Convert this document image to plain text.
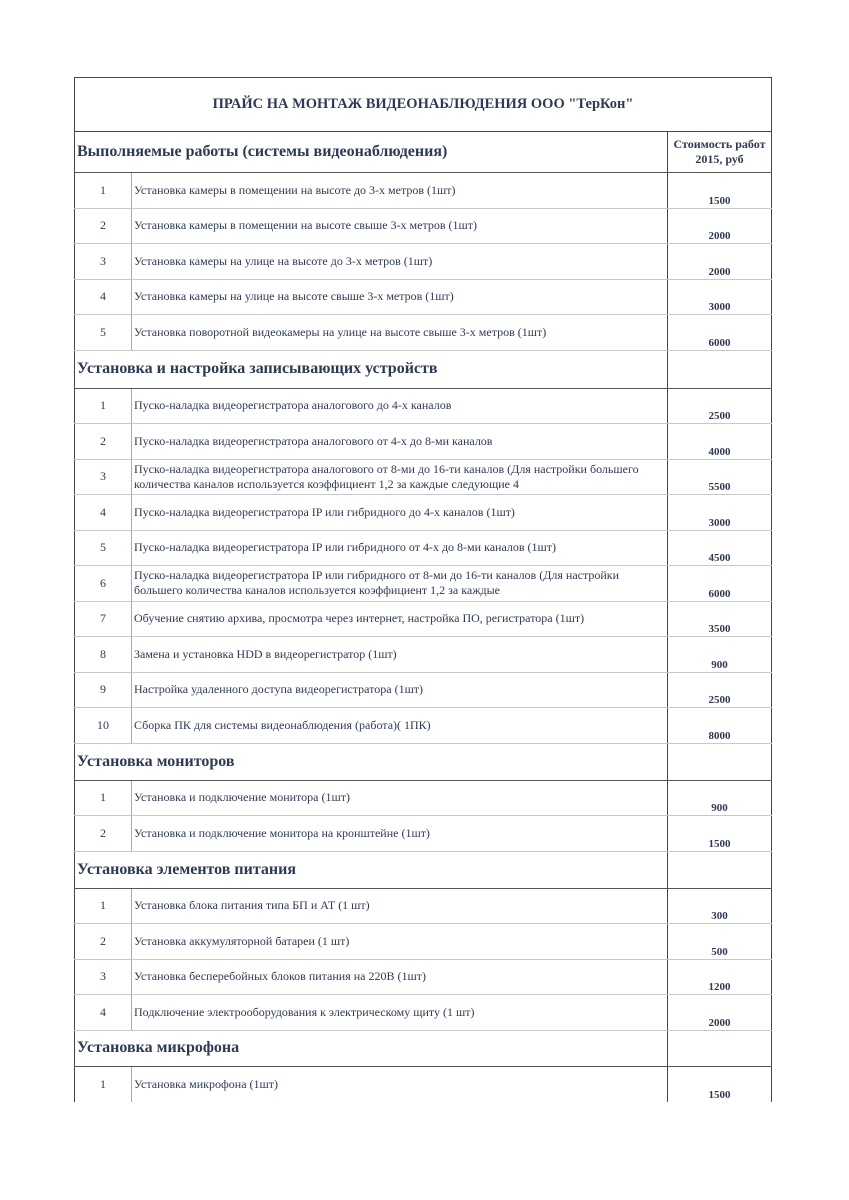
ПРАЙС НА МОНТАЖ ВИДЕОНАБЛЮДЕНИЯ ООО "ТерКон"		
Выполняемые работы (системы видеонаблюдения)		Стоимость работ 2015, руб
1	Установка камеры в помещении на высоте до 3-х метров (1шт)	1500
2	Установка камеры в помещении на высоте свыше 3-х метров (1шт)	2000
3	Установка камеры на улице на высоте до 3-х метров (1шт)	2000
4	Установка камеры на улице на высоте свыше 3-х метров (1шт)	3000
5	Установка поворотной видеокамеры на улице на высоте свыше 3-х метров (1шт)	6000
Установка и настройка записывающих устройств		
1	Пуско-наладка видеорегистратора аналогового до 4-х каналов	2500
2	Пуско-наладка видеорегистратора аналогового от 4-х до 8-ми каналов	4000
3	Пуско-наладка видеорегистратора аналогового от 8-ми до 16-ти каналов (Для настройки большего количества каналов используется коэффициент 1,2 за каждые следующие 4	5500
4	Пуско-наладка видеорегистратора IP или гибридного до 4-х каналов (1шт)	3000
5	Пуско-наладка видеорегистратора IP или гибридного от 4-х до 8-ми каналов (1шт)	4500
6	Пуско-наладка видеорегистратора IP или гибридного от 8-ми до 16-ти каналов (Для настройки большего количества каналов используется коэффициент 1,2 за каждые	6000
7	Обучение снятию архива, просмотра через интернет, настройка ПО, регистратора (1шт)	3500
8	Замена и установка HDD в видеорегистратор (1шт)	900
9	Настройка удаленного доступа видеорегистратора (1шт)	2500
10	Сборка ПК для системы видеонаблюдения (работа)( 1ПК)	8000
Установка мониторов		
1	Установка и подключение монитора (1шт)	900
2	Установка и подключение монитора на кронштейне (1шт)	1500
Установка элементов питания		
1	Установка блока питания типа БП и АТ (1 шт)	300
2	Установка аккумуляторной батареи (1 шт)	500
3	Установка бесперебойных блоков питания на 220В (1шт)	1200
4	Подключение электрооборудования к электрическому щиту (1 шт)	2000
Установка микрофона		
1	Установка микрофона (1шт)	1500
